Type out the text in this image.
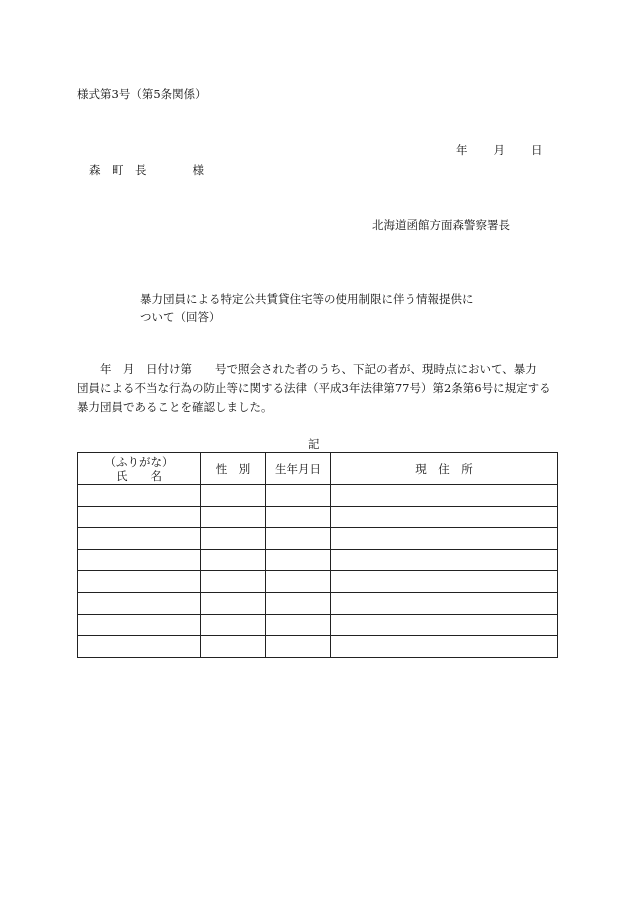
様式第3号（第5条関係）
年 月 日
森　町　長	様
北海道函館方面森警察署長
暴力団員による特定公共賃貸住宅等の使用制限に伴う情報提供に
ついて（回答）
　　年　月　日付け第　　号で照会された者のうち、下記の者が、現時点において、暴力
団員による不当な行為の防止等に関する法律（平成3年法律第77号）第2条第6号に規定する
暴力団員であることを確認しました。
記
（ふりがな）
氏　　名	性　別	生年月日	現　住　所
